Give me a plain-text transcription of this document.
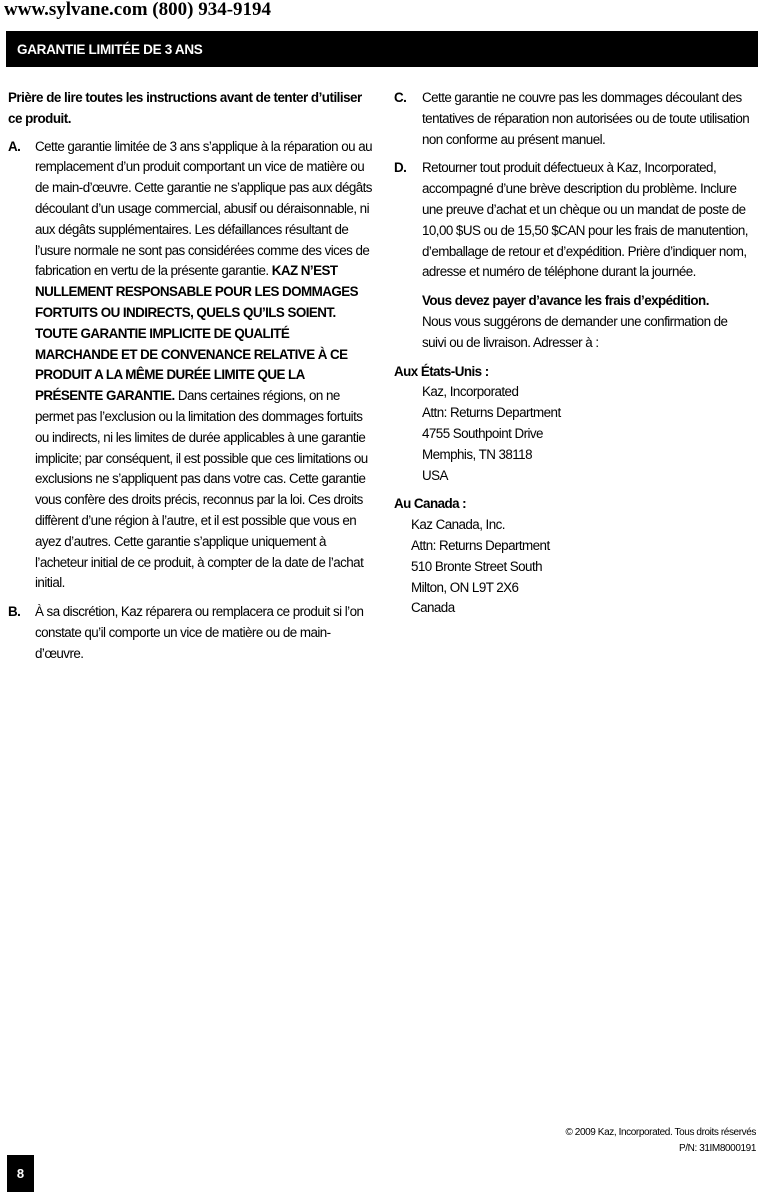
www.sylvane.com (800) 934-9194
GARANTIE LIMITÉE DE 3 ANS

Prière de lire toutes les instructions avant de tenter d’utiliser ce produit.

A. Cette garantie limitée de 3 ans s’applique à la réparation ou au remplacement d’un produit comportant un vice de matière ou de main-d’œuvre. Cette garantie ne s’applique pas aux dégâts découlant d’un usage commercial, abusif ou déraisonnable, ni aux dégâts supplémentaires. Les défaillances résultant de l’usure normale ne sont pas considérées comme des vices de fabrication en vertu de la présente garantie. KAZ N’EST NULLEMENT RESPONSABLE POUR LES DOMMAGES FORTUITS OU INDIRECTS, QUELS QU’ILS SOIENT. TOUTE GARANTIE IMPLICITE DE QUALITÉ MARCHANDE ET DE CONVENANCE RELATIVE À CE PRODUIT A LA MÊME DURÉE LIMITE QUE LA PRÉSENTE GARANTIE. Dans certaines régions, on ne permet pas l’exclusion ou la limitation des dommages fortuits ou indirects, ni les limites de durée applicables à une garantie implicite; par conséquent, il est possible que ces limitations ou exclusions ne s’appliquent pas dans votre cas. Cette garantie vous confère des droits précis, reconnus par la loi. Ces droits diffèrent d’une région à l’autre, et il est possible que vous en ayez d’autres. Cette garantie s’applique uniquement à l’acheteur initial de ce produit, à compter de la date de l’achat initial.

B. À sa discrétion, Kaz réparera ou remplacera ce produit si l’on constate qu’il comporte un vice de matière ou de main-d’œuvre.

C. Cette garantie ne couvre pas les dommages découlant des tentatives de réparation non autorisées ou de toute utilisation non conforme au présent manuel.

D. Retourner tout produit défectueux à Kaz, Incorporated, accompagné d’une brève description du problème. Inclure une preuve d’achat et un chèque ou un mandat de poste de 10,00 $US ou de 15,50 $CAN pour les frais de manutention, d’emballage de retour et d’expédition. Prière d’indiquer nom, adresse et numéro de téléphone durant la journée.

Vous devez payer d’avance les frais d’expédition.

Nous vous suggérons de demander une confirmation de suivi ou de livraison. Adresser à :

Aux États-Unis :

Kaz, Incorporated
Attn: Returns Department
4755 Southpoint Drive
Memphis, TN 38118
USA

Au Canada :

Kaz Canada, Inc.
Attn: Returns Department
510 Bronte Street South
Milton, ON L9T 2X6
Canada
© 2009 Kaz, Incorporated. Tous droits réservés
P/N: 31IM8000191
8
